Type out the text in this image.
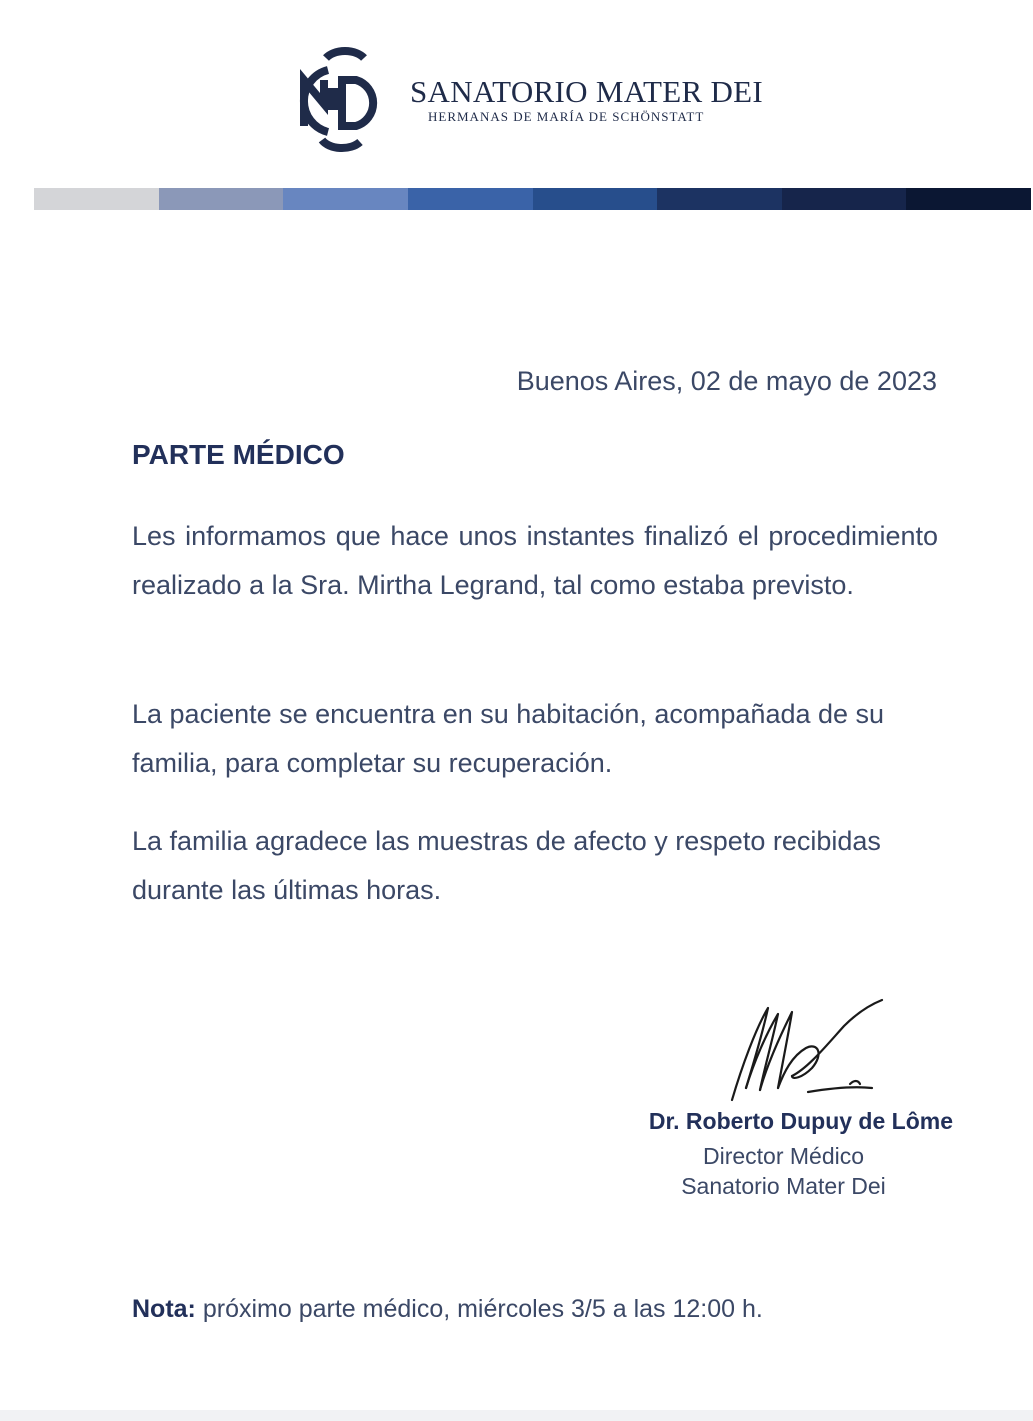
SANATORIO MATER DEI
HERMANAS DE MARÍA DE SCHÖNSTATT
Buenos Aires, 02 de mayo de 2023
PARTE MÉDICO

Les informamos que hace unos instantes finalizó el procedimiento realizado a la Sra. Mirtha Legrand, tal como estaba previsto.

La paciente se encuentra en su habitación, acompañada de su familia, para completar su recuperación.

La familia agradece las muestras de afecto y respeto recibidas durante las últimas horas.

Dr. Roberto Dupuy de Lôme
Director Médico
Sanatorio Mater Dei
Nota: próximo parte médico, miércoles 3/5 a las 12:00 h.
